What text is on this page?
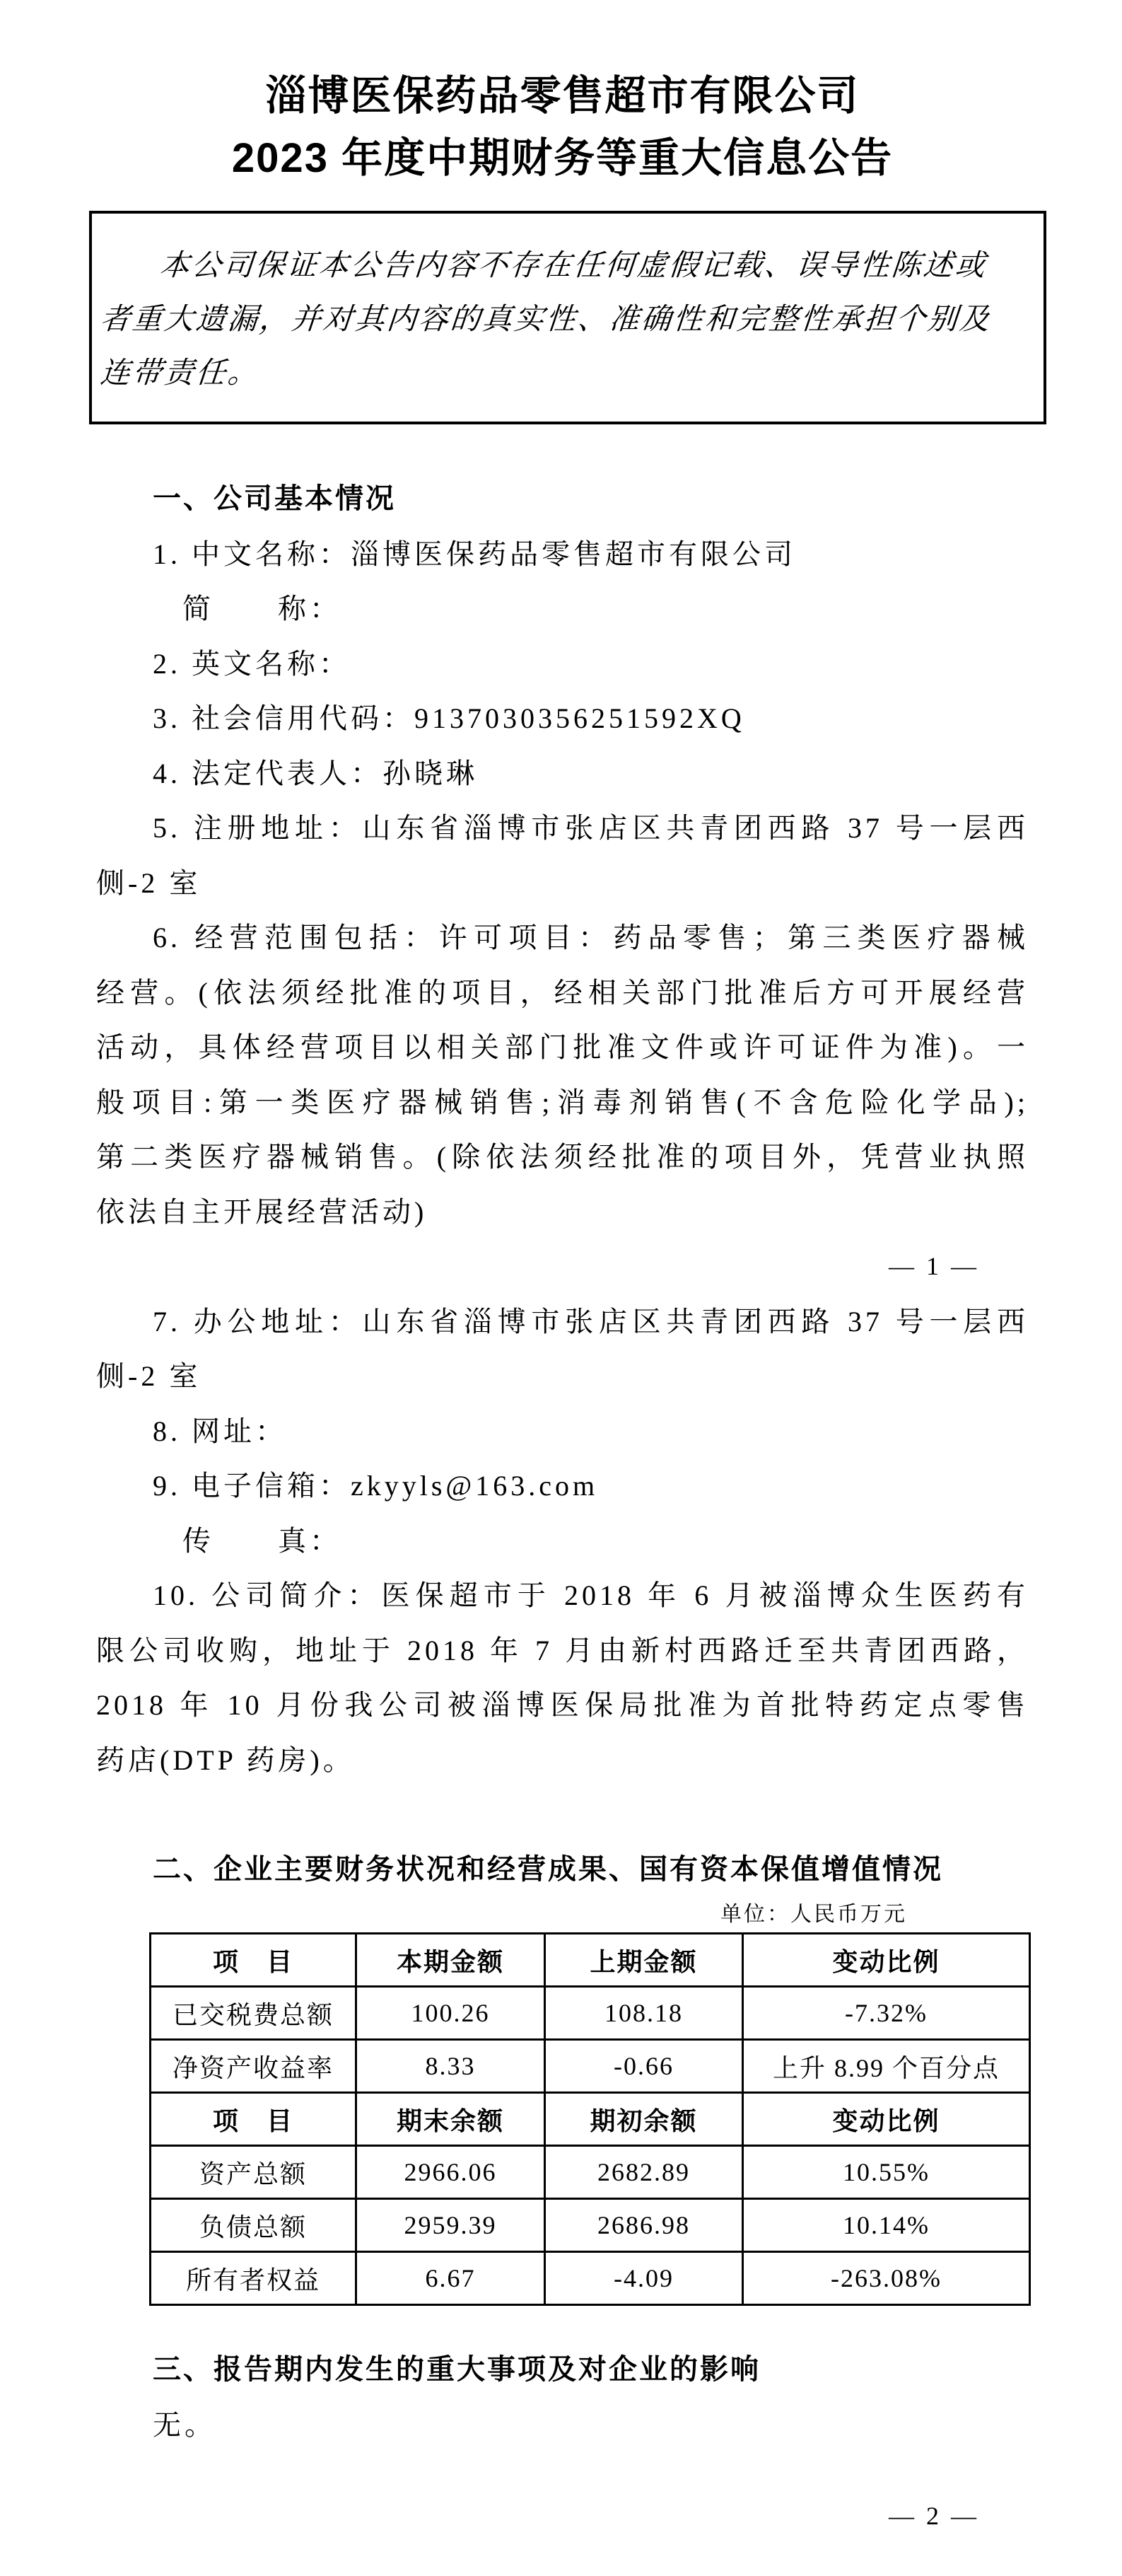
淄博医保药品零售超市有限公司
2023 年度中期财务等重大信息公告
本公司保证本公告内容不存在任何虚假记载、误导性陈述或
者重大遗漏，并对其内容的真实性、准确性和完整性承担个别及
连带责任。
一、公司基本情况
1. 中文名称：淄博医保药品零售超市有限公司
简　　称：
2. 英文名称：
3. 社会信用代码：9137030356251592XQ
4. 法定代表人：孙晓琳
5. 注册地址：山东省淄博市张店区共青团西路 37 号一层西
侧-2 室
6. 经营范围包括：许可项目：药品零售；第三类医疗器械
经营。(依法须经批准的项目，经相关部门批准后方可开展经营
活动，具体经营项目以相关部门批准文件或许可证件为准)。一
般项目:第一类医疗器械销售;消毒剂销售(不含危险化学品);
第二类医疗器械销售。(除依法须经批准的项目外，凭营业执照
依法自主开展经营活动)
— 1 —
7. 办公地址：山东省淄博市张店区共青团西路 37 号一层西
侧-2 室
8. 网址：
9. 电子信箱：zkyyls@163.com
传　　真：
10. 公司简介：医保超市于 2018 年 6 月被淄博众生医药有
限公司收购，地址于 2018 年 7 月由新村西路迁至共青团西路，
2018 年 10 月份我公司被淄博医保局批准为首批特药定点零售
药店(DTP 药房)。
二、企业主要财务状况和经营成果、国有资本保值增值情况
单位：人民币万元
项　目	本期金额	上期金额	变动比例
已交税费总额	100.26	108.18	-7.32%
净资产收益率	8.33	-0.66	上升 8.99 个百分点
项　目	期末余额	期初余额	变动比例
资产总额	2966.06	2682.89	10.55%
负债总额	2959.39	2686.98	10.14%
所有者权益	6.67	-4.09	-263.08%
三、报告期内发生的重大事项及对企业的影响
无。
— 2 —
